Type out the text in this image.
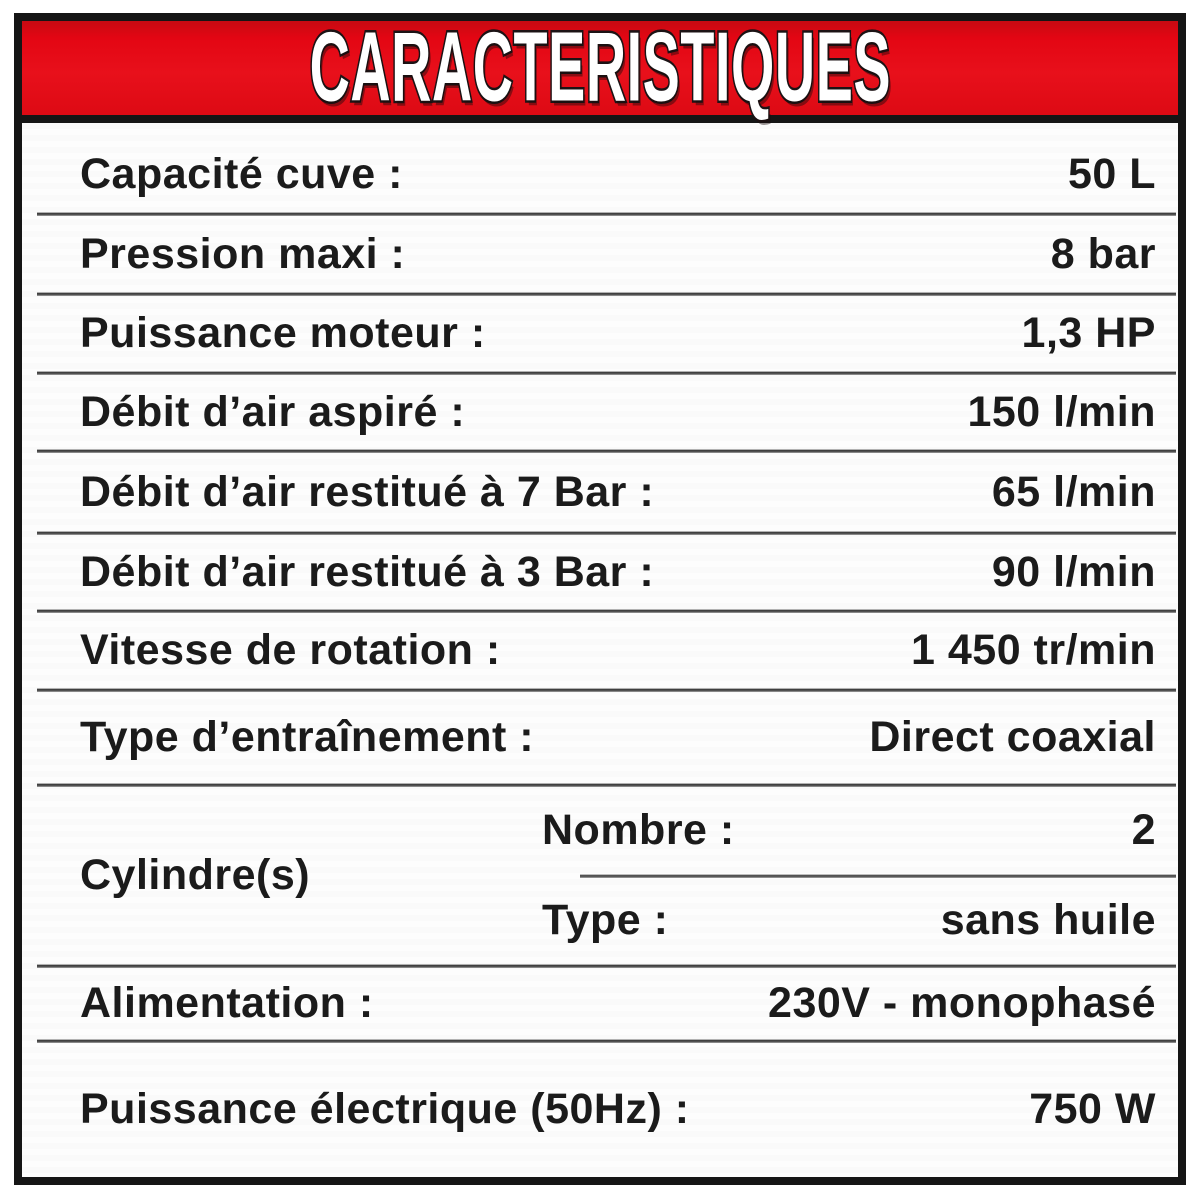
CARACTERISTIQUES
Capacité cuve :	50 L
Pression maxi :	8 bar
Puissance moteur :	1,3 HP
Débit d’air aspiré :	150 l/min
Débit d’air restitué à 7 Bar :	65 l/min
Débit d’air restitué à 3 Bar :	90 l/min
Vitesse de rotation :	1 450 tr/min
Type d’entraînement :	Direct coaxial
Cylindre(s)
Nombre :	2
Type :	sans huile
Alimentation :	230V - monophasé
Puissance électrique (50Hz) :	750 W
